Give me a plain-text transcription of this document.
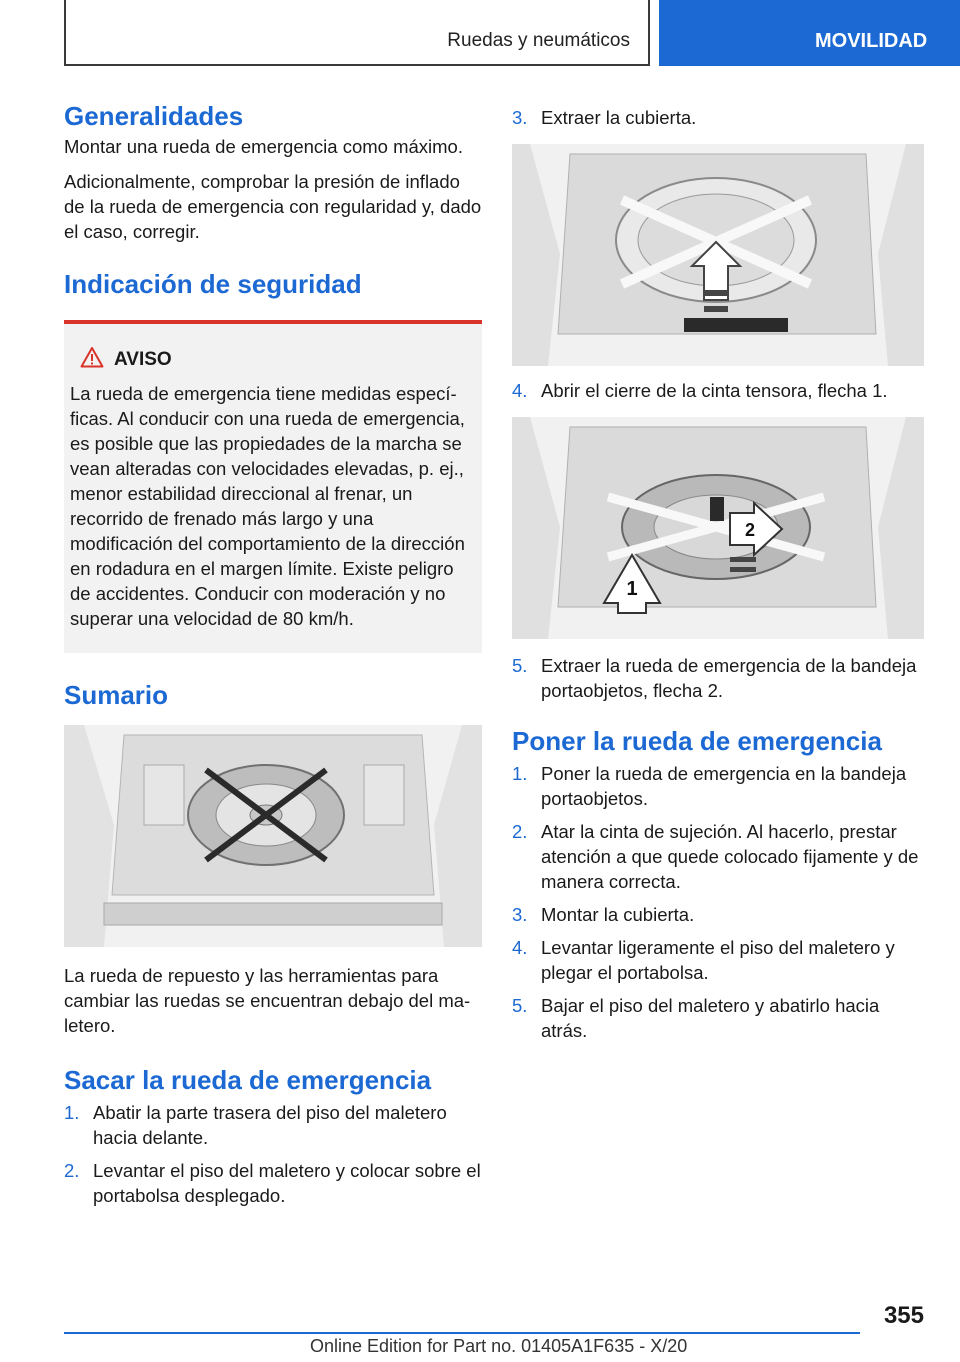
Ruedas y neumáticos	MOVILIDAD
Generalidades

Montar una rueda de emergencia como máximo.

Adicionalmente, comprobar la presión de inflado de la rueda de emergencia con regularidad y, dado el caso, corregir.

Indicación de seguridad
AVISO

La rueda de emergencia tiene medidas específicas. Al conducir con una rueda de emergencia, es posible que las propiedades de la marcha se vean alteradas con velocidades elevadas, p. ej., menor estabilidad direccional al frenar, un recorrido de frenado más largo y una modificación del comportamiento de la dirección en rodadura en el margen límite. Existe peligro de accidentes. Conducir con moderación y no superar una velocidad de 80 km/h.

Sumario

La rueda de repuesto y las herramientas para cambiar las ruedas se encuentran debajo del maletero.

Sacar la rueda de emergencia
1. Abatir la parte trasera del piso del maletero hacia delante.
2. Levantar el piso del maletero y colocar sobre el portabolsa desplegado.
3. Extraer la cubierta.
4. Abrir el cierre de la cinta tensora, flecha 1.
1
2
5. Extraer la rueda de emergencia de la bandeja portaobjetos, flecha 2.
Poner la rueda de emergencia
1. Poner la rueda de emergencia en la bandeja portaobjetos.
2. Atar la cinta de sujeción. Al hacerlo, prestar atención a que quede colocado fijamente y de manera correcta.
3. Montar la cubierta.
4. Levantar ligeramente el piso del maletero y plegar el portabolsa.
5. Bajar el piso del maletero y abatirlo hacia atrás.
355
Online Edition for Part no. 01405A1F635 - X/20
